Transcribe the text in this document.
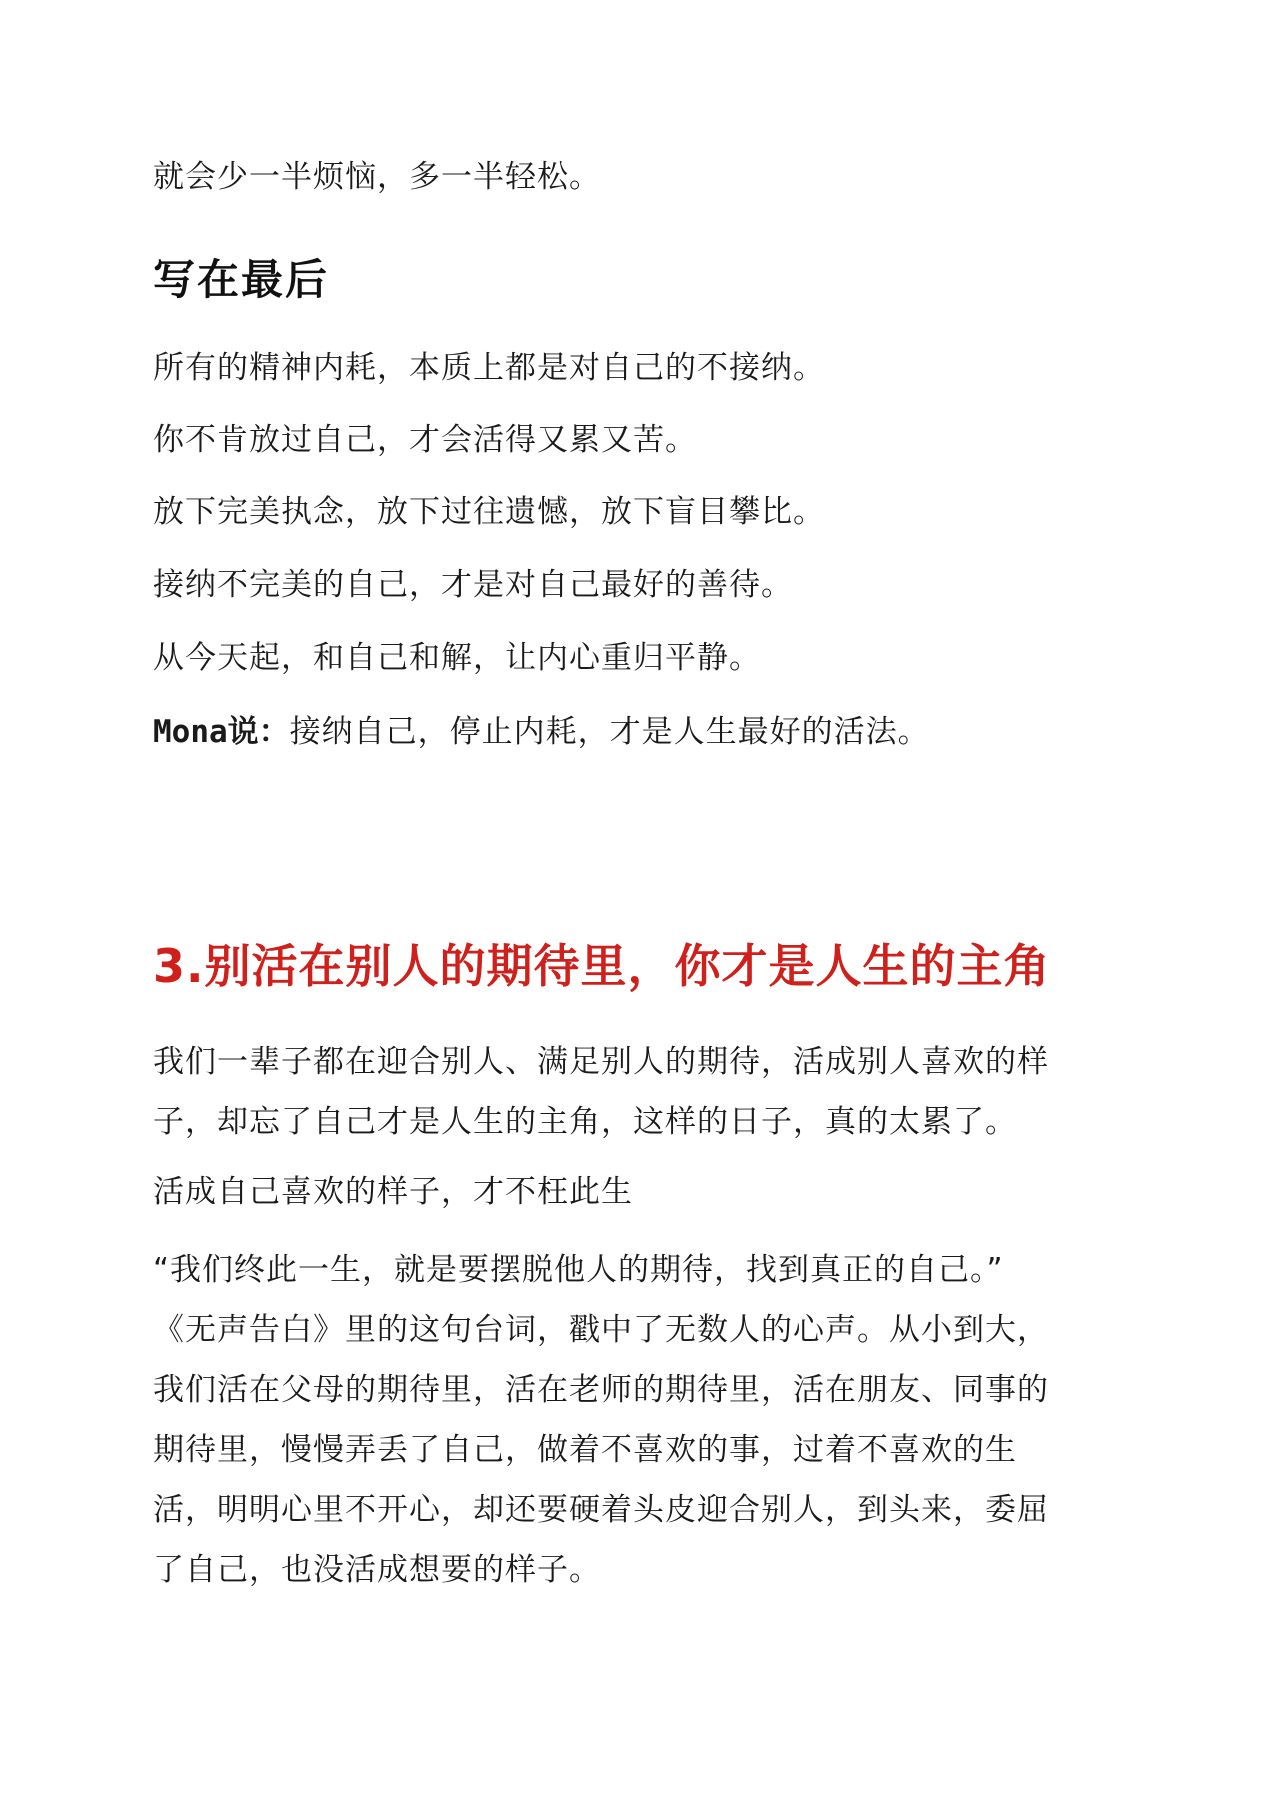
就会少一半烦恼，多一半轻松。

写在最后

所有的精神内耗，本质上都是对自己的不接纳。

你不肯放过自己，才会活得又累又苦。

放下完美执念，放下过往遗憾，放下盲目攀比。

接纳不完美的自己，才是对自己最好的善待。

从今天起，和自己和解，让内心重归平静。

Mona说：接纳自己，停止内耗，才是人生最好的活法。

3.别活在别人的期待里，你才是人生的主角

我们一辈子都在迎合别人、满足别人的期待，活成别人喜欢的样

子，却忘了自己才是人生的主角，这样的日子，真的太累了。

活成自己喜欢的样子，才不枉此生

“我们终此一生，就是要摆脱他人的期待，找到真正的自己。”

《无声告白》里的这句台词，戳中了无数人的心声。从小到大，

我们活在父母的期待里，活在老师的期待里，活在朋友、同事的

期待里，慢慢弄丢了自己，做着不喜欢的事，过着不喜欢的生

活，明明心里不开心，却还要硬着头皮迎合别人，到头来，委屈

了自己，也没活成想要的样子。
